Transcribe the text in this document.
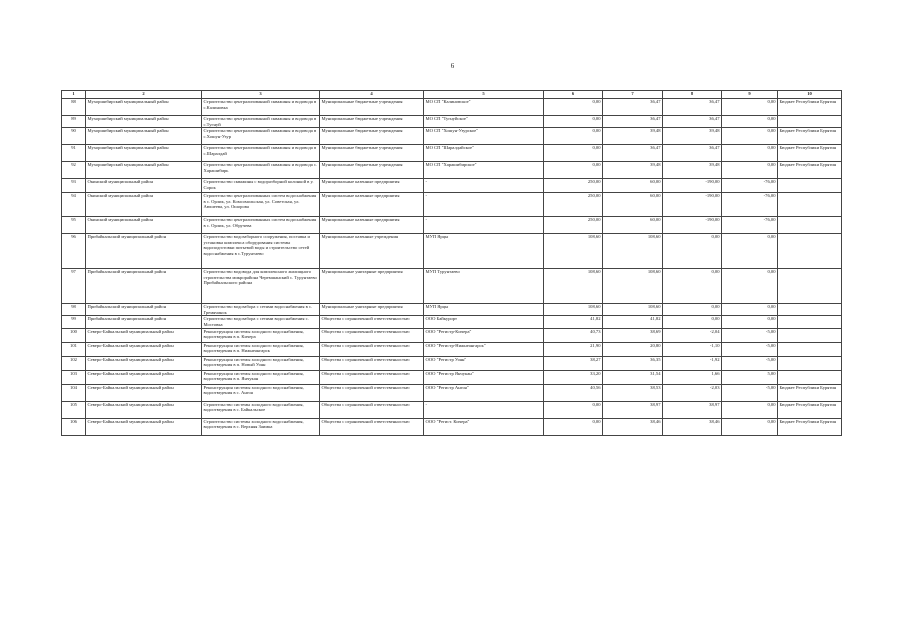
6
1	2	3	4	5	6	7	8	9	10
88	Мухоршибирский муниципальный район	Строительство централизованной скважины и водовода в с.Калиновка	Муниципальные бюджетные учреждения	МО СП "Калиновское"	0,00	36,47	36,47	0,00	Бюджет Республики Бурятия
89	Мухоршибирский муниципальный район	Строительство централизованной скважины и водовода в с.Тугнуй	Муниципальные бюджетные учреждения	МО СП "Тугнуйское"	0,00	36,47	36,47	0,00	
90	Мухоршибирский муниципальный район	Строительство централизованной скважины и водовода в с.Хошун-Узур	Муниципальные бюджетные учреждения	МО СП "Хошун-Узурское"	0,00	39,48	39,48	0,00	Бюджет Республики Бурятия
91	Мухоршибирский муниципальный район	Строительство централизованной скважины и водовода в с.Шаралдай	Муниципальные бюджетные учреждения	МО СП "Шаралдайское"	0,00	36,47	36,47	0,00	Бюджет Республики Бурятия
92	Мухоршибирский муниципальный район	Строительство централизованной скважины и водовода с. Харашибирь	Муниципальные бюджетные учреждения	МО СП "Харашибирское"	0,00	39,48	39,48	0,00	Бюджет Республики Бурятия
93	Окинский муниципальный район	Строительство скважины с водоразборной колонкой в у. Сорок	Муниципальные казенные предприятия	-	250,00	60,00	-190,00	-76,00	
94	Окинский муниципальный район	Строительство централизованных систем водоснабжения в с. Орлик, ул. Комсомольская, ул. Советская, ул. Аюшеева, ул. Ошорова	Муниципальные казенные предприятия	-	250,00	60,00	-190,00	-76,00	
95	Окинский муниципальный район	Строительство централизованных систем водоснабжения в с. Орлик, ул. Обручева	Муниципальные казенные предприятия	-	250,00	60,00	-190,00	-76,00	
96	Прибайкальский муниципальный район	Строительство водозаборного сооружения, поставка и установка комплекса оборудования системы водоподготовки питьевой воды и строительство сетей водоснабжения в с.Турунтаево	Муниципальные казенные учреждения	МУП Ярцы	108,60	108,60	0,00	0,00	
97	Прибайкальский муниципальный район	Строительство водовода для комплексного жилищного строительства микрорайона Черемшанский с. Турунтаево Прибайкальского района	Муниципальные унитарные предприятия	МУП Турунтаево	108,60	108,60	0,00	0,00	
98	Прибайкальский муниципальный район	Строительство водозабора с сетями водоснабжения в с. Гремячинск	Муниципальные унитарные предприятия	МУП Ярцы	108,60	108,60	0,00	0,00	
99	Прибайкальский муниципальный район	Строительство водозабора с сетями водоснабжения с. Мостовка	Общества с ограниченной ответственностью	ООО Байкурорт	41,82	41,82	0,00	0,00	
100	Северо-Байкальский муниципальный район	Реконструкция системы холодного водоснабжения, водоотведения в п. Кичера	Общества с ограниченной ответственностью	ООО "Регистр-Кичера"	40,73	38,69	-2,04	-5,00	
101	Северо-Байкальский муниципальный район	Реконструкция системы холодного водоснабжения, водоотведения в п. Нижнеангарск	Общества с ограниченной ответственностью	ООО "Регистр-Нижнеангарск"	21,90	20,80	-1,10	-5,00	
102	Северо-Байкальский муниципальный район	Реконструкция системы холодного водоснабжения, водоотведения в п. Новый Уоян	Общества с ограниченной ответственностью	ООО "Регистр Уоян"	38,27	36,35	-1,92	-5,00	
103	Северо-Байкальский муниципальный район	Реконструкция системы холодного водоснабжения, водоотведения в п. Янчукан	Общества с ограниченной ответственностью	ООО "Регистр Янчукан"	33,20	31,54	1,66	5,00	
104	Северо-Байкальский муниципальный район	Реконструкция системы холодного водоснабжения, водоотведения в с. Ангоя	Общества с ограниченной ответственностью	ООО "Регистр Ангоя"	40,56	38,53	-2,03	-5,00	Бюджет Республики Бурятия
105	Северо-Байкальский муниципальный район	Строительство системы холодного водоснабжения, водоотведения в с. Байкальское	Общества с ограниченной ответственностью	-	0,00	38,97	38,97	0,00	Бюджет Республики Бурятия
106	Северо-Байкальский муниципальный район	Строительство системы холодного водоснабжения, водоотведения в с. Верхняя Заимка	Общества с ограниченной ответственностью	ООО "Регист. Кичера"	0,00	38,46	38,46	0,00	Бюджет Республики Бурятия
